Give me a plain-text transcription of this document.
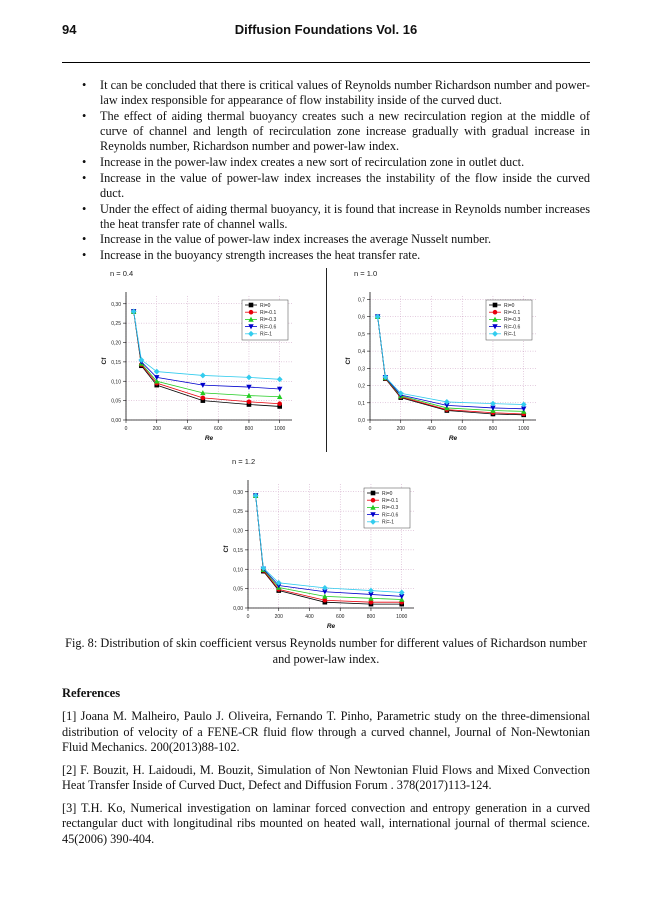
94	Diffusion Foundations Vol. 16
• It can be concluded that there is critical values of Reynolds number Richardson number and power-law index responsible for appearance of flow instability inside of the curved duct.
• The effect of aiding thermal buoyancy creates such a new recirculation region at the middle of curve of channel and length of recirculation zone increase gradually with gradual increase in Reynolds number, Richardson number and power-law index.
• Increase in the power-law index creates a new sort of recirculation zone in outlet duct.
• Increase in the value of power-law index increases the instability of the flow inside the curved duct.
• Under the effect of aiding thermal buoyancy, it is found that increase in Reynolds number increases the heat transfer rate of channel walls.
• Increase in the value of power-law index increases the average Nusselt number.
• Increase in the buoyancy strength increases the heat transfer rate.
n = 0.4
0,00
0,05
0,10
0,15
0,20
0,25
0,30
0	200	400	600	800	1000
Re
Cf
Ri=0
Ri=-0.1
Ri=-0.3
Ri=-0.6
Ri=-1
n = 1.0
0,0
0,1
0,2
0,3
0,4
0,5
0,6
0,7
0	200	400	600	800	1000
Re
Cf
Ri=0
Ri=-0.1
Ri=-0.3
Ri=-0.6
Ri=-1
n = 1.2
0,00
0,05
0,10
0,15
0,20
0,25
0,30
0	200	400	600	800	1000
Re
Cf
Ri=0
Ri=-0.1
Ri=-0.3
Ri=-0.6
Ri=-1
Fig. 8: Distribution of skin coefficient versus Reynolds number for different values of Richardson number and power-law index.
References

[1] Joana M. Malheiro, Paulo J. Oliveira, Fernando T. Pinho, Parametric study on the three-dimensional distribution of velocity of a FENE-CR fluid flow through a curved channel, Journal of Non-Newtonian Fluid Mechanics. 200(2013)88-102.

[2] F. Bouzit, H. Laidoudi, M. Bouzit, Simulation of Non Newtonian Fluid Flows and Mixed Convection Heat Transfer Inside of Curved Duct, Defect and Diffusion Forum . 378(2017)113-124.

[3] T.H. Ko, Numerical investigation on laminar forced convection and entropy generation in a curved rectangular duct with longitudinal ribs mounted on heated wall, international journal of thermal science. 45(2006) 390-404.
